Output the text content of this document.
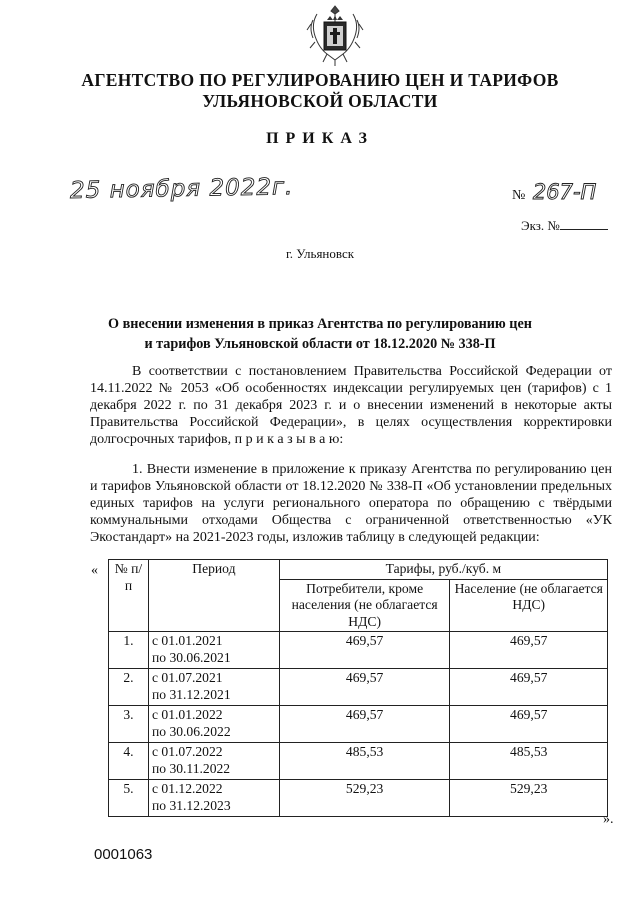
АГЕНТСТВО ПО РЕГУЛИРОВАНИЮ ЦЕН И ТАРИФОВ
УЛЬЯНОВСКОЙ ОБЛАСТИ
ПРИКАЗ
25 ноября 2022г.	№ 267-П
Экз. №
г. Ульяновск
О внесении изменения в приказ Агентства по регулированию цен
и тарифов Ульяновской области от 18.12.2020 № 338-П
В соответствии с постановлением Правительства Российской Федерации от 14.11.2022 № 2053 «Об особенностях индексации регулируемых цен (тарифов) с 1 декабря 2022 г. по 31 декабря 2023 г. и о внесении изменений в некоторые акты Правительства Российской Федерации», в целях осуществления корректировки долгосрочных тарифов, п р и к а з ы в а ю:
1. Внести изменение в приложение к приказу Агентства по регулированию цен и тарифов Ульяновской области от 18.12.2020 № 338-П «Об установлении предельных единых тарифов на услуги регионального оператора по обращению с твёрдыми коммунальными отходами Общества с ограниченной ответственностью «УК Экостандарт» на 2021-2023 годы, изложив таблицу в следующей редакции:
« № п/п	Период	Тарифы, руб./куб. м	
		Потребители, кроме населения (не облагается НДС)	Население (не облагается НДС)
1.	с 01.01.2021
по 30.06.2021	469,57	469,57
2.	с 01.07.2021
по 31.12.2021	469,57	469,57
3.	с 01.01.2022
по 30.06.2022	469,57	469,57
4.	с 01.07.2022
по 30.11.2022	485,53	485,53
5.	с 01.12.2022
по 31.12.2023	529,23	529,23
».
0001063
